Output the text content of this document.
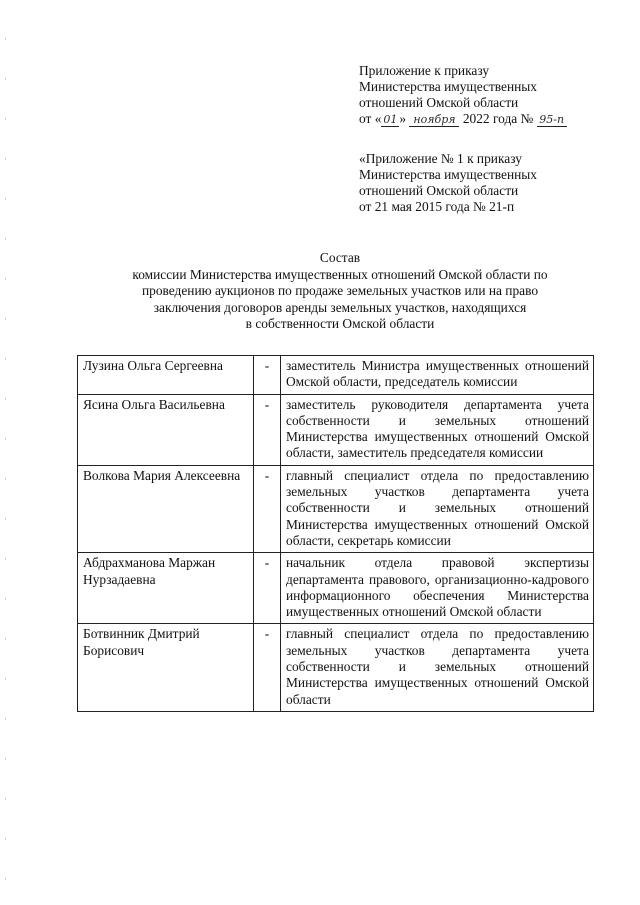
Приложение к приказу
Министерства имущественных
отношений Омской области
от « 01 » ноября 2022 года № 95-п
«Приложение № 1 к приказу
Министерства имущественных
отношений Омской области
от 21 мая 2015 года № 21-п
Состав
комиссии Министерства имущественных отношений Омской области по
проведению аукционов по продаже земельных участков или на право
заключения договоров аренды земельных участков, находящихся
в собственности Омской области
Лузина Ольга Сергеевна	-	заместитель Министра имущественных отношений Омской области, председатель комиссии
Ясина Ольга Васильевна	-	заместитель руководителя департамента учета собственности и земельных отношений Министерства имущественных отношений Омской области, заместитель председателя комиссии
Волкова Мария Алексеевна	-	главный специалист отдела по предоставлению земельных участков департамента учета собственности и земельных отношений Министерства имущественных отношений Омской области, секретарь комиссии
Абдрахманова Маржан Нурзадаевна	-	начальник отдела правовой экспертизы департамента правового, организационно-кадрового информационного обеспечения Министерства имущественных отношений Омской области
Ботвинник Дмитрий Борисович	-	главный специалист отдела по предоставлению земельных участков департамента учета собственности и земельных отношений Министерства имущественных отношений Омской области
